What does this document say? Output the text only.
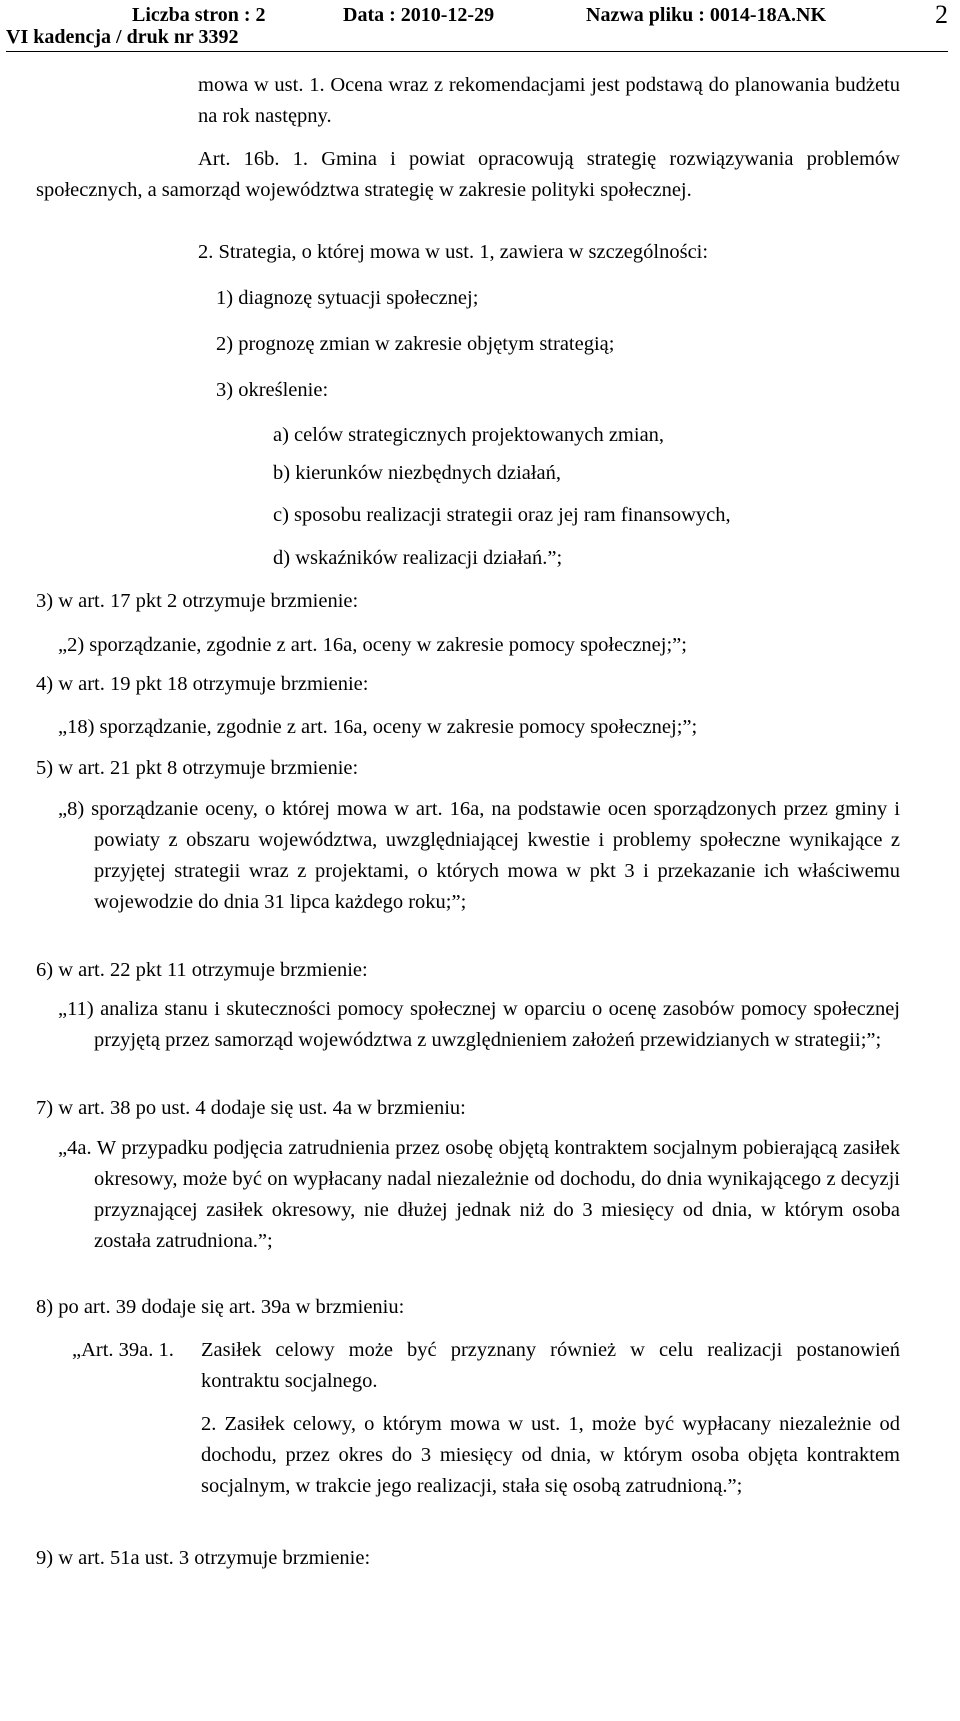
Liczba stron : 2	Data : 2010-12-29	Nazwa pliku : 0014-18A.NK	2
VI kadencja / druk nr 3392
mowa w ust. 1. Ocena wraz z rekomendacjami jest podstawą do planowania budżetu na rok następny.
Art. 16b. 1. Gmina i powiat opracowują strategię rozwiązywania problemów społecznych, a samorząd województwa strategię w zakresie polityki społecznej.
2. Strategia, o której mowa w ust. 1, zawiera w szczególności:
1) diagnozę sytuacji społecznej;
2) prognozę zmian w zakresie objętym strategią;
3) określenie:
a) celów strategicznych projektowanych zmian,
b) kierunków niezbędnych działań,
c) sposobu realizacji strategii oraz jej ram finansowych,
d) wskaźników realizacji działań.”;
3) w art. 17 pkt 2 otrzymuje brzmienie:
„2) sporządzanie, zgodnie z art. 16a, oceny w zakresie pomocy społecznej;”;
4) w art. 19 pkt 18 otrzymuje brzmienie:
„18) sporządzanie, zgodnie z art. 16a, oceny w zakresie pomocy społecznej;”;
5) w art. 21 pkt 8 otrzymuje brzmienie:
„8) sporządzanie oceny, o której mowa w art. 16a, na podstawie ocen sporządzonych przez gminy i powiaty z obszaru województwa, uwzględniającej kwestie i problemy społeczne wynikające z przyjętej strategii wraz z projektami, o których mowa w pkt 3 i przekazanie ich właściwemu wojewodzie do dnia 31 lipca każdego roku;”;
6) w art. 22 pkt 11 otrzymuje brzmienie:
„11) analiza stanu i skuteczności pomocy społecznej w oparciu o ocenę zasobów pomocy społecznej przyjętą przez samorząd województwa z uwzględnieniem założeń przewidzianych w strategii;”;
7) w art. 38 po ust. 4 dodaje się ust. 4a w brzmieniu:
„4a. W przypadku podjęcia zatrudnienia przez osobę objętą kontraktem socjalnym pobierającą zasiłek okresowy, może być on wypłacany nadal niezależnie od dochodu, do dnia wynikającego z decyzji przyznającej zasiłek okresowy, nie dłużej jednak niż do 3 miesięcy od dnia, w którym osoba została zatrudniona.”;
8) po art. 39 dodaje się art. 39a w brzmieniu:
„Art. 39a. 1. Zasiłek celowy może być przyznany również w celu realizacji postanowień kontraktu socjalnego.
2. Zasiłek celowy, o którym mowa w ust. 1, może być wypłacany niezależnie od dochodu, przez okres do 3 miesięcy od dnia, w którym osoba objęta kontraktem socjalnym, w trakcie jego realizacji, stała się osobą zatrudnioną.”;
9) w art. 51a ust. 3 otrzymuje brzmienie:
